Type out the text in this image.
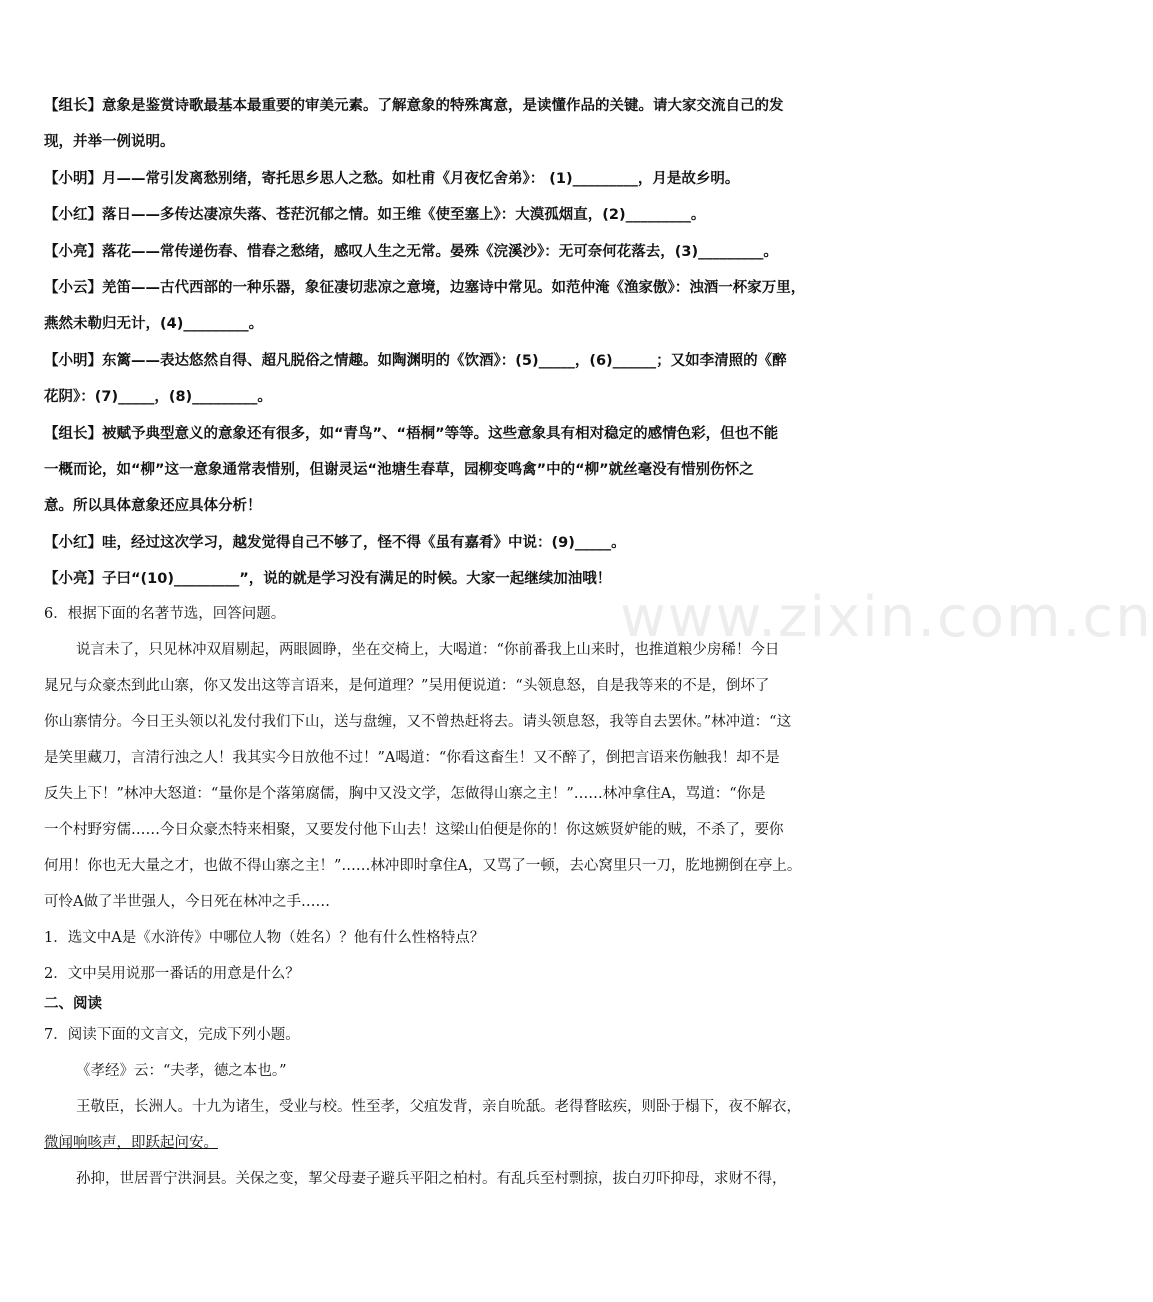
www.zixin.com.cn
【组长】意象是鉴赏诗歌最基本最重要的审美元素。了解意象的特殊寓意，是读懂作品的关键。请大家交流自己的发
现，并举一例说明。
【小明】月——常引发离愁别绪，寄托思乡思人之愁。如杜甫《月夜忆舍弟》： (1)_________，月是故乡明。
【小红】落日——多传达凄凉失落、苍茫沉郁之情。如王维《使至塞上》：大漠孤烟直，(2)_________。
【小亮】落花——常传递伤春、惜春之愁绪，感叹人生之无常。晏殊《浣溪沙》：无可奈何花落去，(3)_________。
【小云】羌笛——古代西部的一种乐器，象征凄切悲凉之意境，边塞诗中常见。如范仲淹《渔家傲》：浊酒一杯家万里，
燕然未勒归无计，(4)_________。
【小明】东篱——表达悠然自得、超凡脱俗之情趣。如陶渊明的《饮酒》：(5)_____，(6)______；又如李清照的《醉
花阴》：(7)_____，(8)_________。
【组长】被赋予典型意义的意象还有很多，如“青鸟”、“梧桐”等等。这些意象具有相对稳定的感情色彩，但也不能
一概而论，如“柳”这一意象通常表惜别，但谢灵运“池塘生春草，园柳变鸣禽”中的“柳”就丝毫没有惜别伤怀之
意。所以具体意象还应具体分析！
【小红】哇，经过这次学习，越发觉得自己不够了，怪不得《虽有嘉肴》中说：(9)_____。
【小亮】子曰“(10)_________”，说的就是学习没有满足的时候。大家一起继续加油哦！
6．根据下面的名著节选，回答问题。
说言未了，只见林冲双眉剔起，两眼圆睁，坐在交椅上，大喝道：“你前番我上山来时，也推道粮少房稀！今日
晁兄与众豪杰到此山寨，你又发出这等言语来，是何道理？”吴用便说道：“头领息怒，自是我等来的不是，倒坏了
你山寨情分。今日王头领以礼发付我们下山，送与盘缠，又不曾热赶将去。请头领息怒，我等自去罢休。”林冲道：“这
是笑里藏刀，言清行浊之人！我其实今日放他不过！”A喝道：“你看这畜生！又不醉了，倒把言语来伤触我！却不是
反失上下！”林冲大怒道：“量你是个落第腐儒，胸中又没文学，怎做得山寨之主！”……林冲拿住A，骂道：“你是
一个村野穷儒……今日众豪杰特来相聚，又要发付他下山去！这梁山伯便是你的！你这嫉贤妒能的贼，不杀了，要你
何用！你也无大量之才，也做不得山寨之主！”……林冲即时拿住A，又骂了一顿，去心窝里只一刀，肐地搠倒在亭上。
可怜A做了半世强人，今日死在林冲之手……
1．选文中A是《水浒传》中哪位人物（姓名）？他有什么性格特点？
2．文中吴用说那一番话的用意是什么？
二、阅读
7．阅读下面的文言文，完成下列小题。
《孝经》云：“夫孝，德之本也。”
王敬臣，长洲人。十九为诸生，受业与校。性至孝，父疽发背，亲自吮舐。老得瞀眩疾，则卧于榻下，夜不解衣，
微闻响咳声，即跃起问安。
孙抑，世居晋宁洪洞县。关保之变，挈父母妻子避兵平阳之柏村。有乱兵至村剽掠，拔白刃吓抑母，求财不得，
